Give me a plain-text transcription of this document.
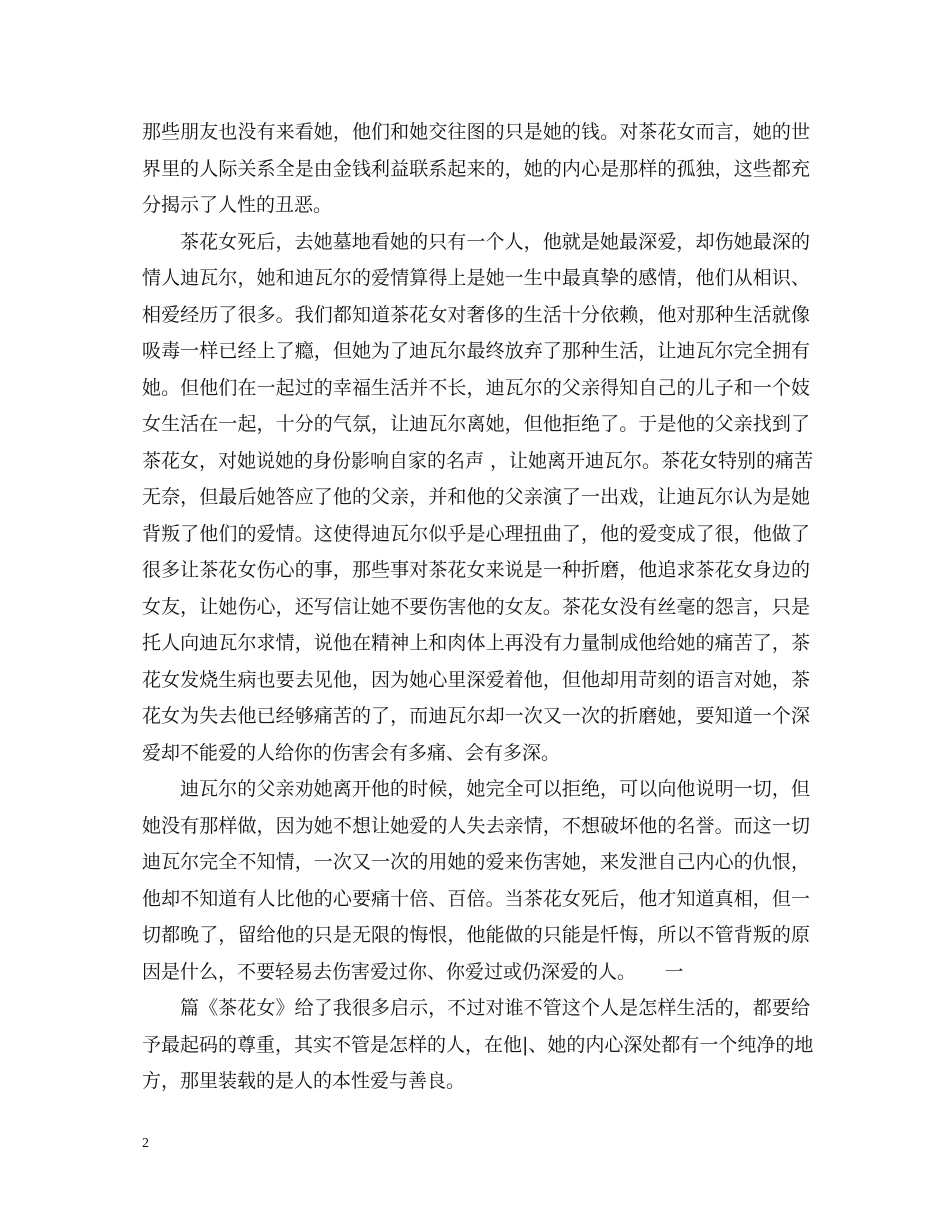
那些朋友也没有来看她，他们和她交往图的只是她的钱。对茶花女而言，她的世
界里的人际关系全是由金钱利益联系起来的，她的内心是那样的孤独，这些都充
分揭示了人性的丑恶。
茶花女死后，去她墓地看她的只有一个人，他就是她最深爱，却伤她最深的
情人迪瓦尔，她和迪瓦尔的爱情算得上是她一生中最真挚的感情，他们从相识、
相爱经历了很多。我们都知道茶花女对奢侈的生活十分依赖，他对那种生活就像
吸毒一样已经上了瘾，但她为了迪瓦尔最终放弃了那种生活，让迪瓦尔完全拥有
她。但他们在一起过的幸福生活并不长，迪瓦尔的父亲得知自己的儿子和一个妓
女生活在一起，十分的气氛，让迪瓦尔离她，但他拒绝了。于是他的父亲找到了
茶花女，对她说她的身份影响自家的名声 ，让她离开迪瓦尔。茶花女特别的痛苦
无奈，但最后她答应了他的父亲，并和他的父亲演了一出戏，让迪瓦尔认为是她
背叛了他们的爱情。这使得迪瓦尔似乎是心理扭曲了，他的爱变成了很，他做了
很多让茶花女伤心的事，那些事对茶花女来说是一种折磨，他追求茶花女身边的
女友，让她伤心，还写信让她不要伤害他的女友。茶花女没有丝毫的怨言，只是
托人向迪瓦尔求情，说他在精神上和肉体上再没有力量制成他给她的痛苦了，茶
花女发烧生病也要去见他，因为她心里深爱着他，但他却用苛刻的语言对她，茶
花女为失去他已经够痛苦的了，而迪瓦尔却一次又一次的折磨她，要知道一个深
爱却不能爱的人给你的伤害会有多痛、会有多深。
迪瓦尔的父亲劝她离开他的时候，她完全可以拒绝，可以向他说明一切，但
她没有那样做，因为她不想让她爱的人失去亲情，不想破坏他的名誉。而这一切
迪瓦尔完全不知情，一次又一次的用她的爱来伤害她，来发泄自己内心的仇恨，
他却不知道有人比他的心要痛十倍、百倍。当茶花女死后，他才知道真相，但一
切都晚了，留给他的只是无限的悔恨，他能做的只能是忏悔，所以不管背叛的原
因是什么，不要轻易去伤害爱过你、你爱过或仍深爱的人。　　一
篇《茶花女》给了我很多启示，不过对谁不管这个人是怎样生活的，都要给
予最起码的尊重，其实不管是怎样的人，在他|、她的内心深处都有一个纯净的地
方，那里装载的是人的本性爱与善良。
2
